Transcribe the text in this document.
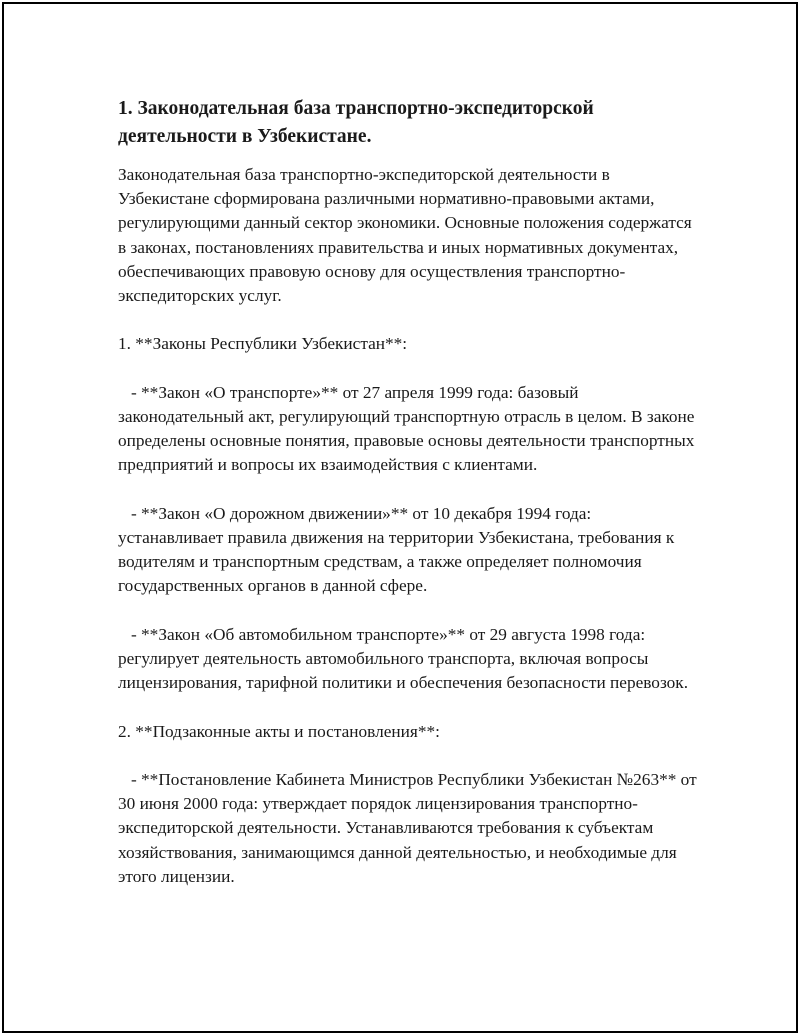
1. Законодательная база транспортно-экспедиторской деятельности в Узбекистане.

Законодательная база транспортно-экспедиторской деятельности в Узбекистане сформирована различными нормативно-правовыми актами, регулирующими данный сектор экономики. Основные положения содержатся в законах, постановлениях правительства и иных нормативных документах, обеспечивающих правовую основу для осуществления транспортно-экспедиторских услуг.

1. **Законы Республики Узбекистан**:

- **Закон «О транспорте»** от 27 апреля 1999 года: базовый законодательный акт, регулирующий транспортную отрасль в целом. В законе определены основные понятия, правовые основы деятельности транспортных предприятий и вопросы их взаимодействия с клиентами.

- **Закон «О дорожном движении»** от 10 декабря 1994 года: устанавливает правила движения на территории Узбекистана, требования к водителям и транспортным средствам, а также определяет полномочия государственных органов в данной сфере.

- **Закон «Об автомобильном транспорте»** от 29 августа 1998 года: регулирует деятельность автомобильного транспорта, включая вопросы лицензирования, тарифной политики и обеспечения безопасности перевозок.

2. **Подзаконные акты и постановления**:

- **Постановление Кабинета Министров Республики Узбекистан №263** от 30 июня 2000 года: утверждает порядок лицензирования транспортно-экспедиторской деятельности. Устанавливаются требования к субъектам хозяйствования, занимающимся данной деятельностью, и необходимые для этого лицензии.
